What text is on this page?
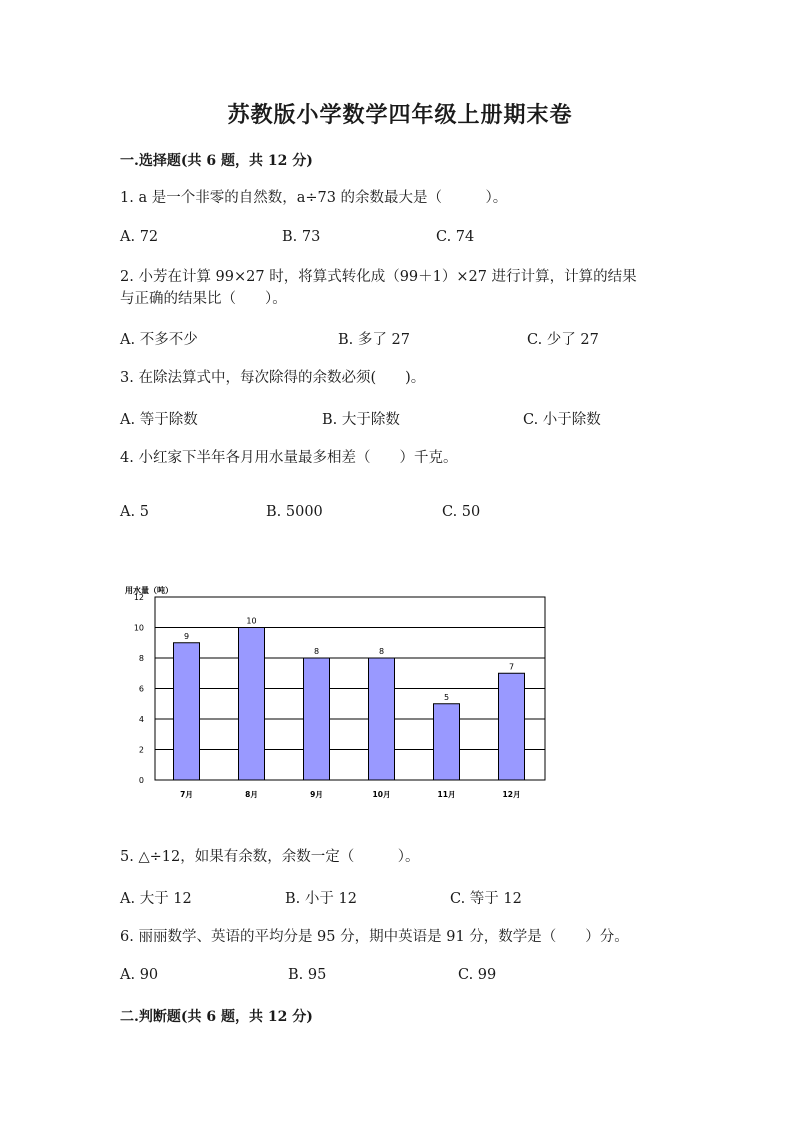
苏教版小学数学四年级上册期末卷
一.选择题(共 6 题，共 12 分)
1. a 是一个非零的自然数，a÷73 的余数最大是（　　　）。
A. 72	B. 73	C. 74
2. 小芳在计算 99×27 时，将算式转化成（99＋1）×27 进行计算，计算的结果
与正确的结果比（　　）。
A. 不多不少	B. 多了 27	C. 少了 27
3. 在除法算式中，每次除得的余数必须(　　)。
A. 等于除数	B. 大于除数	C. 小于除数
4. 小红家下半年各月用水量最多相差（　　）千克。
A. 5	B. 5000	C. 50
用水量（吨）
0
2
4
6
8
10
12
9
7月
10
8月
8
9月
8
10月
5
11月
7
12月
5. △÷12，如果有余数，余数一定（　　　）。
A. 大于 12	B. 小于 12	C. 等于 12
6. 丽丽数学、英语的平均分是 95 分，期中英语是 91 分，数学是（　　）分。
A. 90	B. 95	C. 99
二.判断题(共 6 题，共 12 分)
